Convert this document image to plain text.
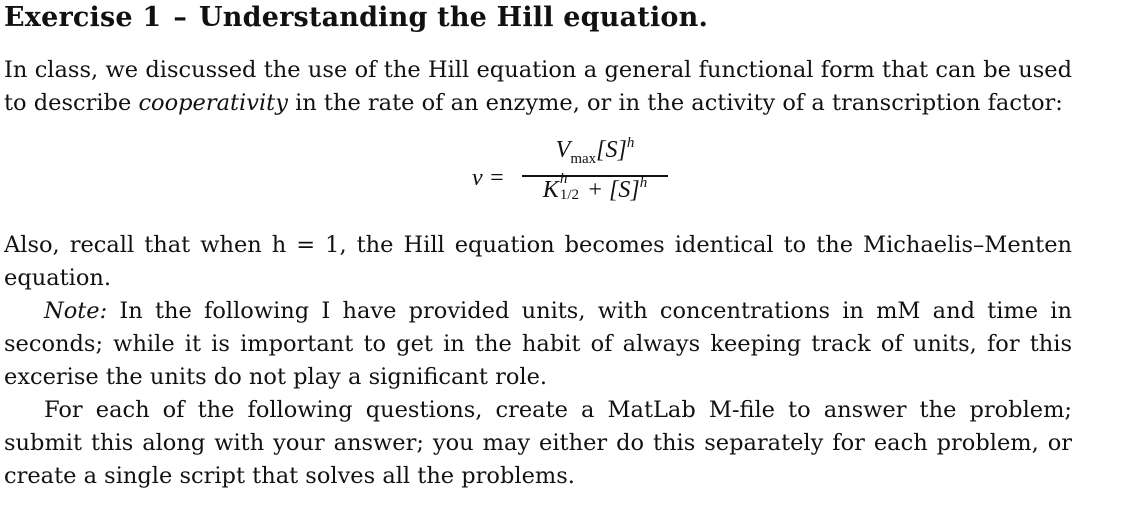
Exercise 1 – Understanding the Hill equation.
In class, we discussed the use of the Hill equation a general functional form that can be used to describe cooperativity in the rate of an enzyme, or in the activity of a transcription factor:
v =
$V_{max}[S]^h$
K h
$1/2 + [S]^h$
Also, recall that when h = 1, the Hill equation becomes identical to the Michaelis–Menten equation.
Note: In the following I have provided units, with concentrations in mM and time in seconds; while it is important to get in the habit of always keeping track of units, for this excerise the units do not play a significant role.
For each of the following questions, create a MatLab M-file to answer the problem; submit this along with your answer; you may either do this separately for each problem, or create a single script that solves all the problems.
